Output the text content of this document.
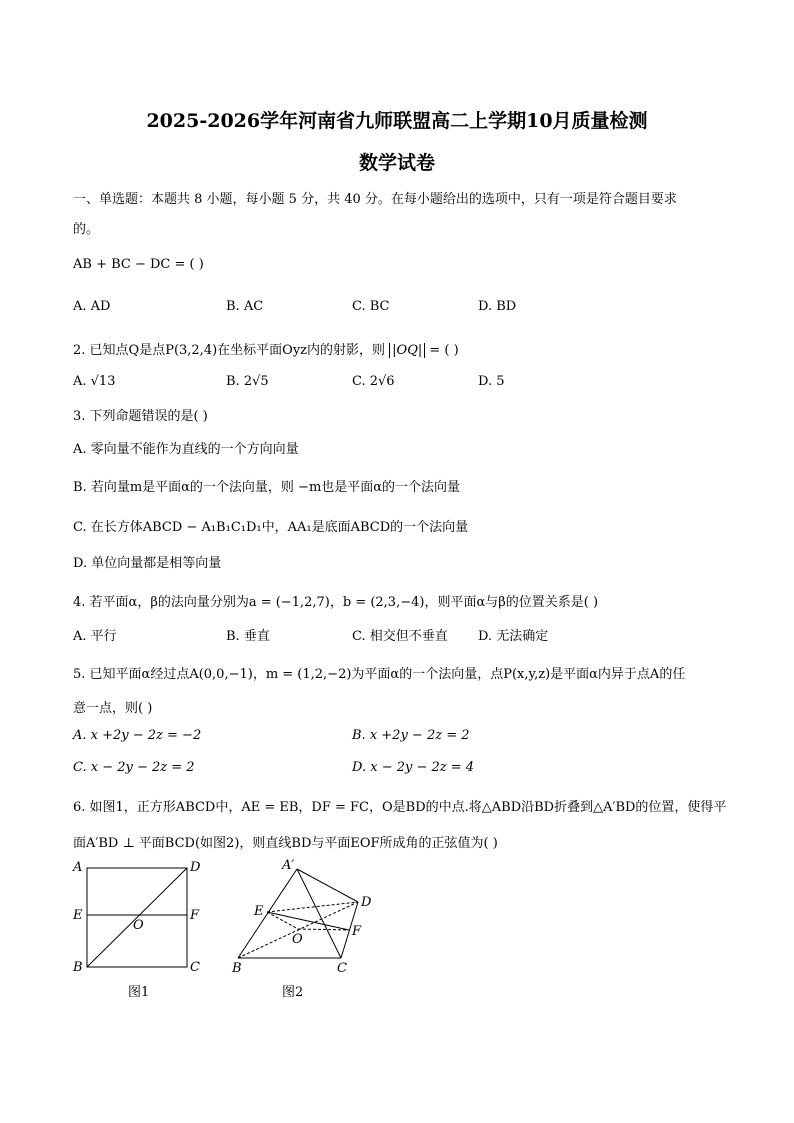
2025-2026学年河南省九师联盟高二上学期10月质量检测
数学试卷
一、单选题：本题共 8 小题，每小题 5 分，共 40 分。在每小题给出的选项中，只有一项是符合题目要求
的。
AB + BC − DC = ( )
A. AD	B. AC	C. BC	D. BD
2. 已知点Q是点P(3,2,4)在坐标平面Oyz内的射影，则 |OQ| = ( )
A. √13	B. 2√5	C. 2√6	D. 5
3. 下列命题错误的是( )
A. 零向量不能作为直线的一个方向向量
B. 若向量m是平面α的一个法向量，则 −m也是平面α的一个法向量
C. 在长方体ABCD − A₁B₁C₁D₁中，AA₁是底面ABCD的一个法向量
D. 单位向量都是相等向量
4. 若平面α，β的法向量分别为a = (−1,2,7)，b = (2,3,−4)，则平面α与β的位置关系是( )
A. 平行	B. 垂直	C. 相交但不垂直 D. 无法确定
5. 已知平面α经过点A(0,0,−1)，m = (1,2,−2)为平面α的一个法向量，点P(x,y,z)是平面α内异于点A的任
意一点，则( )
A. x +2y − 2z = −2	B. x +2y − 2z = 2
C. x − 2y − 2z = 2	D. x − 2y − 2z = 4
6. 如图1，正方形ABCD中，AE = EB，DF = FC，O是BD的中点.将△ABD沿BD折叠到△A′BD的位置，使得平
面A′BD ⊥ 平面BCD(如图2)，则直线BD与平面EOF所成角的正弦值为( )
A	D
E	F
O
B	C
图1
A′
D
E
F
O
B	C
图2
